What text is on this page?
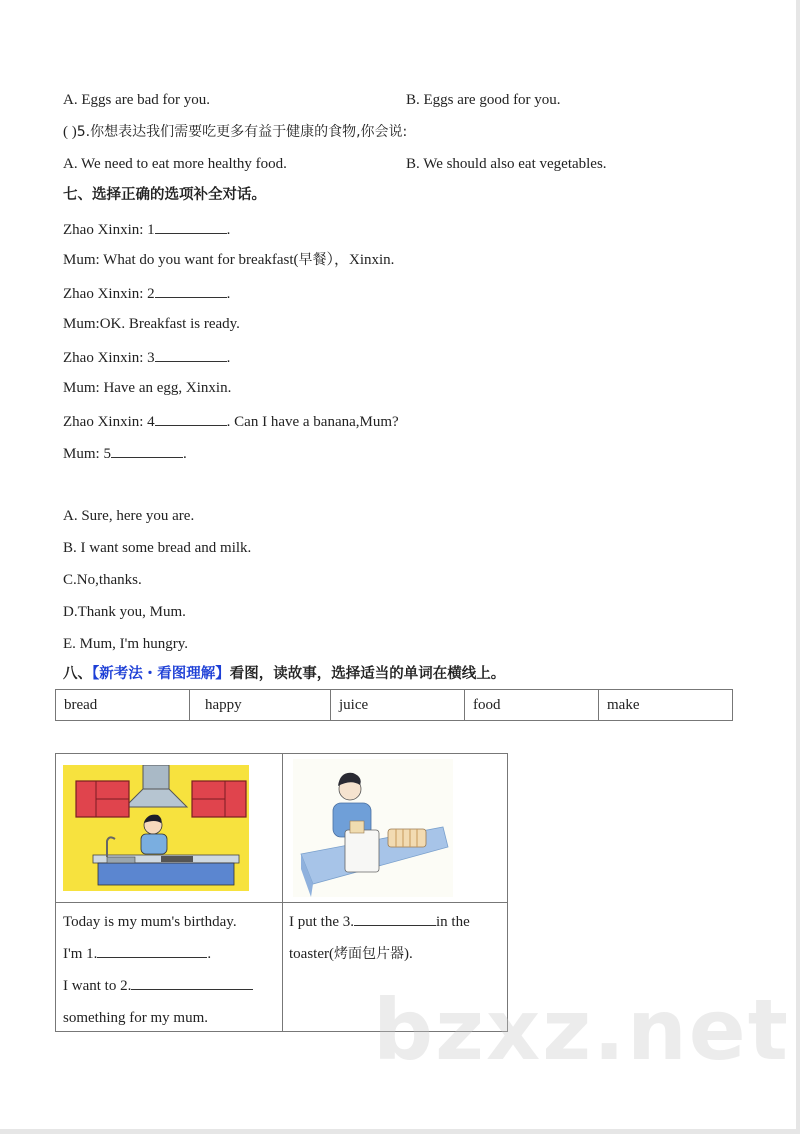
A. Eggs are bad for you.	B. Eggs are good for you.
( )5.你想表达我们需要吃更多有益于健康的食物,你会说:
A. We need to eat more healthy food.	B. We should also eat vegetables.
七、选择正确的选项补全对话。
Zhao Xinxin: 1	.
Mum: What do you want for breakfast(早餐），Xinxin.
Zhao Xinxin: 2	.
Mum:OK. Breakfast is ready.
Zhao Xinxin: 3	.
Mum: Have an egg, Xinxin.
Zhao Xinxin: 4	. Can I have a banana,Mum?
Mum: 5	.
A. Sure, here you are.
B. I want some bread and milk.
C.No,thanks.
D.Thank you, Mum.
E. Mum, I'm hungry.
八、【新考法・看图理解】看图，读故事，选择适当的单词在横线上。
bread	happy	juice	food	make
Today is my mum's birthday.
I'm 1.	.
I want to 2.
something for my mum.
I put the 3.	in the
toaster(烤面包片器).
bzxz.net
